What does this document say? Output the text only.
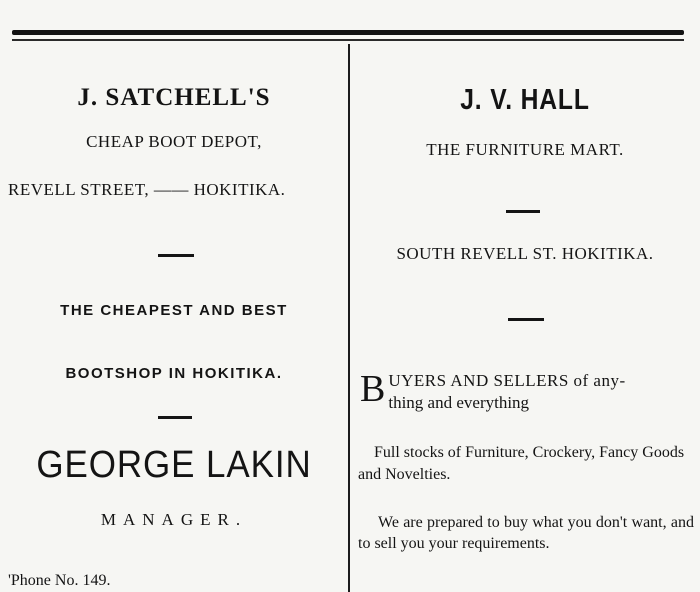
J. SATCHELL'S
CHEAP BOOT DEPOT,
REVELL STREET, —— HOKITIKA.
THE CHEAPEST AND BEST
BOOTSHOP IN HOKITIKA.
GEORGE LAKIN
MANAGER.
'Phone No. 149.
J. V. HALL
THE FURNITURE MART.
SOUTH REVELL ST. HOKITIKA.
B UYERS AND SELLERS of any-
thing and everything
Full stocks of Furniture, Crockery, Fancy Goods and Novelties.
We are prepared to buy what you don't want, and to sell you your requirements.
